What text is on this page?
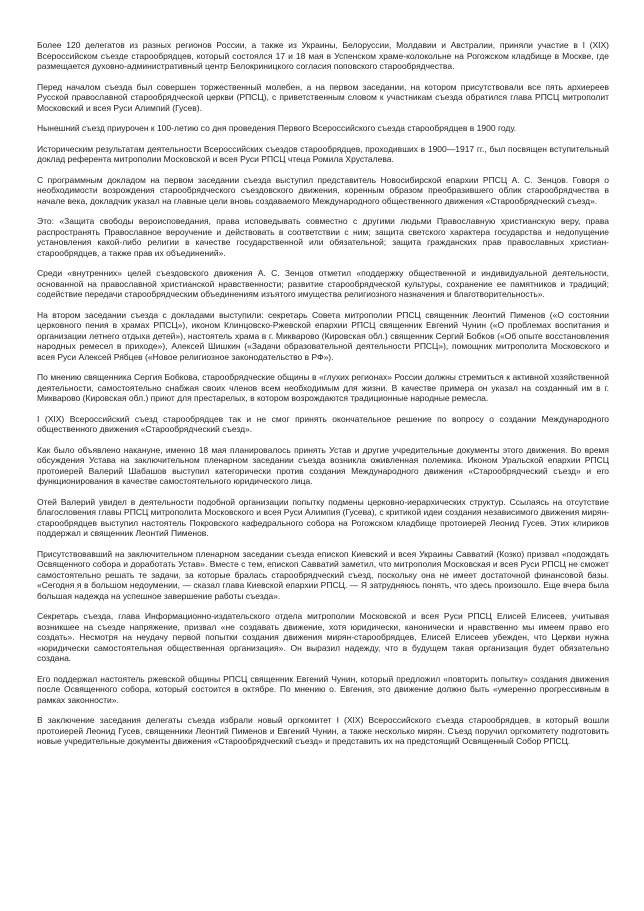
Более 120 делегатов из разных регионов России, а также из Украины, Белоруссии, Молдавии и Австралии, приняли участие в I (XIX) Всероссийском съезде старообрядцев, который состоялся 17 и 18 мая в Успенском храме-колокольне на Рогожском кладбище в Москве, где размещается духовно-административный центр Белокриницкого согласия поповского старообрядчества.

Перед началом съезда был совершен торжественный молебен, а на первом заседании, на котором присутствовали все пять архиереев Русской православной старообрядческой церкви (РПСЦ), с приветственным словом к участникам съезда обратился глава РПСЦ митрополит Московский и всея Руси Алимпий (Гусев).

Нынешний съезд приурочен к 100-летию со дня проведения Первого Всероссийского съезда старообрядцев в 1900 году.

Историческим результатам деятельности Всероссийских съездов старообрядцев, проходивших в 1900—1917 гг., был посвящен вступительный доклад референта митрополии Московской и всея Руси РПСЦ чтеца Ромила Хрусталева.

С программным докладом на первом заседании съезда выступил представитель Новосибирской епархии РПСЦ А. С. Зенцов. Говоря о необходимости возрождения старообрядческого съездовского движения, коренным образом преобразившего облик старообрядчества в начале века, докладчик указал на главные цели вновь создаваемого Международного общественного движения «Старообрядческий съезд».

Это: «Защита свободы вероисповедания, права исповедывать совместно с другими людьми Православную христианскую веру, права распространять Православное вероучение и действовать в соответствии с ним; защита светского характера государства и недопущение установления какой-либо религии в качестве государственной или обязательной; защита гражданских прав православных христиан-старообрядцев, а также прав их объединений».

Среди «внутренних» целей съездовского движения А. С. Зенцов отметил «поддержку общественной и индивидуальной деятельности, основанной на православной христианской нравственности; развитие старообрядческой культуры, сохранение ее памятников и традиций; содействие передачи старообрядческим объединениям изъятого имущества религиозного назначения и благотворительность».

На втором заседании съезда с докладами выступили: секретарь Совета митрополии РПСЦ священник Леонтий Пименов («О состоянии церковного пения в храмах РПСЦ»), иконом Клинцовско-Ржевской епархии РПСЦ священник Евгений Чунин («О проблемах воспитания и организации летнего отдыха детей»), настоятель храма в г. Микварово (Кировская обл.) священник Сергий Бобков («Об опыте восстановления народных ремесел в приходе»), Алексей Шишкин («Задачи образовательной деятельности РПСЦ»), помощник митрополита Московского и всея Руси Алексей Рябцев («Новое религиозное законодательство в РФ»).

По мнению священника Сергия Бобкова, старообрядческие общины в «глухих регионах» России должны стремиться к активной хозяйственной деятельности, самостоятельно снабжая своих членов всем необходимым для жизни. В качестве примера он указал на созданный им в г. Микварово (Кировская обл.) приют для престарелых, в котором возрождаются традиционные народные ремесла.

I (XIX) Всероссийский съезд старообрядцев так и не смог принять окончательное решение по вопросу о создании Международного общественного движения «Старообрядческий съезд».

Как было объявлено накануне, именно 18 мая планировалось принять Устав и другие учредительные документы этого движения. Во время обсуждения Устава на заключительном пленарном заседании съезда возникла оживленная полемика. Иконом Уральской епархии РПСЦ протоиерей Валерий Шабашов выступил категорически против создания Международного движения «Старообрядческий съезд» и его функционирования в качестве самостоятельного юридического лица.

Отей Валерий увидел в деятельности подобной организации попытку подмены церковно-иерархических структур. Ссылаясь на отсутствие благословения главы РПСЦ митрополита Московского и всея Руси Алимпия (Гусева), с критикой идеи создания независимого движения мирян-старообрядцев выступил настоятель Покровского кафедрального собора на Рогожском кладбище протоиерей Леонид Гусев. Этих клириков поддержал и священник Леонтий Пименов.

Присутствовавший на заключительном пленарном заседании съезда епископ Киевский и всея Украины Савватий (Козко) призвал «подождать Освященного собора и доработать Устав». Вместе с тем, епископ Савватий заметил, что митрополия Московская и всея Руси РПСЦ не сможет самостоятельно решать те задачи, за которые бралась старообрядческий съезд, поскольку она не имеет достаточной финансовой базы. «Сегодня я в большом недоумении, — сказал глава Киевской епархии РПСЦ. — Я затрудняюсь понять, что здесь произошло. Еще вчера была большая надежда на успешное завершение работы съезда».

Секретарь съезда, глава Информационно-издательского отдела митрополии Московской и всея Руси РПСЦ Елисей Елисеев, учитывая возникшее на съезде напряжение, призвал «не создавать движение, хотя юридически, канонически и нравственно мы имеем право его создать». Несмотря на неудачу первой попытки создания движения мирян-старообрядцев, Елисей Елисеев убежден, что Церкви нужна «юридически самостоятельная общественная организация». Он выразил надежду, что в будущем такая организация будет обязательно создана.

Его поддержал настоятель ржевской общины РПСЦ священник Евгений Чунин, который предложил «повторить попытку» создания движения после Освященного собора, который состоится в октябре. По мнению о. Евгения, это движение должно быть «умеренно прогрессивным в рамках законности».

В заключение заседания делегаты съезда избрали новый оргкомитет I (XIX) Всероссийского съезда старообрядцев, в который вошли протоиерей Леонид Гусев, священники Леонтий Пименов и Евгений Чунин, а также несколько мирян. Съезд поручил оргкомитету подготовить новые учредительные документы движения «Старообрядческий съезд» и представить их на предстоящий Освященный Собор РПСЦ.
